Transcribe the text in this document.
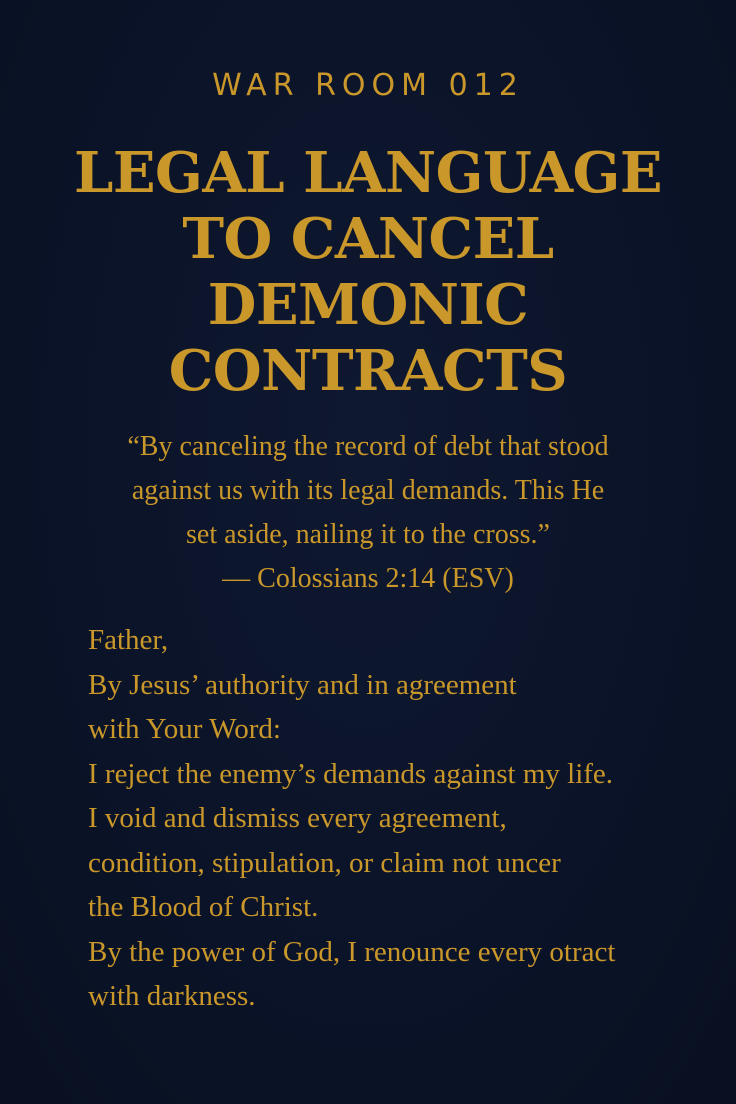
WAR ROOM 012
LEGAL LANGUAGE
TO CANCEL
DEMONIC
CONTRACTS
“By canceling the record of debt that stood
against us with its legal demands. This He
set aside, nailing it to the cross.”
— Colossians 2:14 (ESV)
Father,
By Jesus’ authority and in agreement
with Your Word:
I reject the enemy’s demands against my life.
I void and dismiss every agreement,
condition, stipulation, or claim not uncer
the Blood of Christ.
By the power of God, I renounce every otract
with darkness.
